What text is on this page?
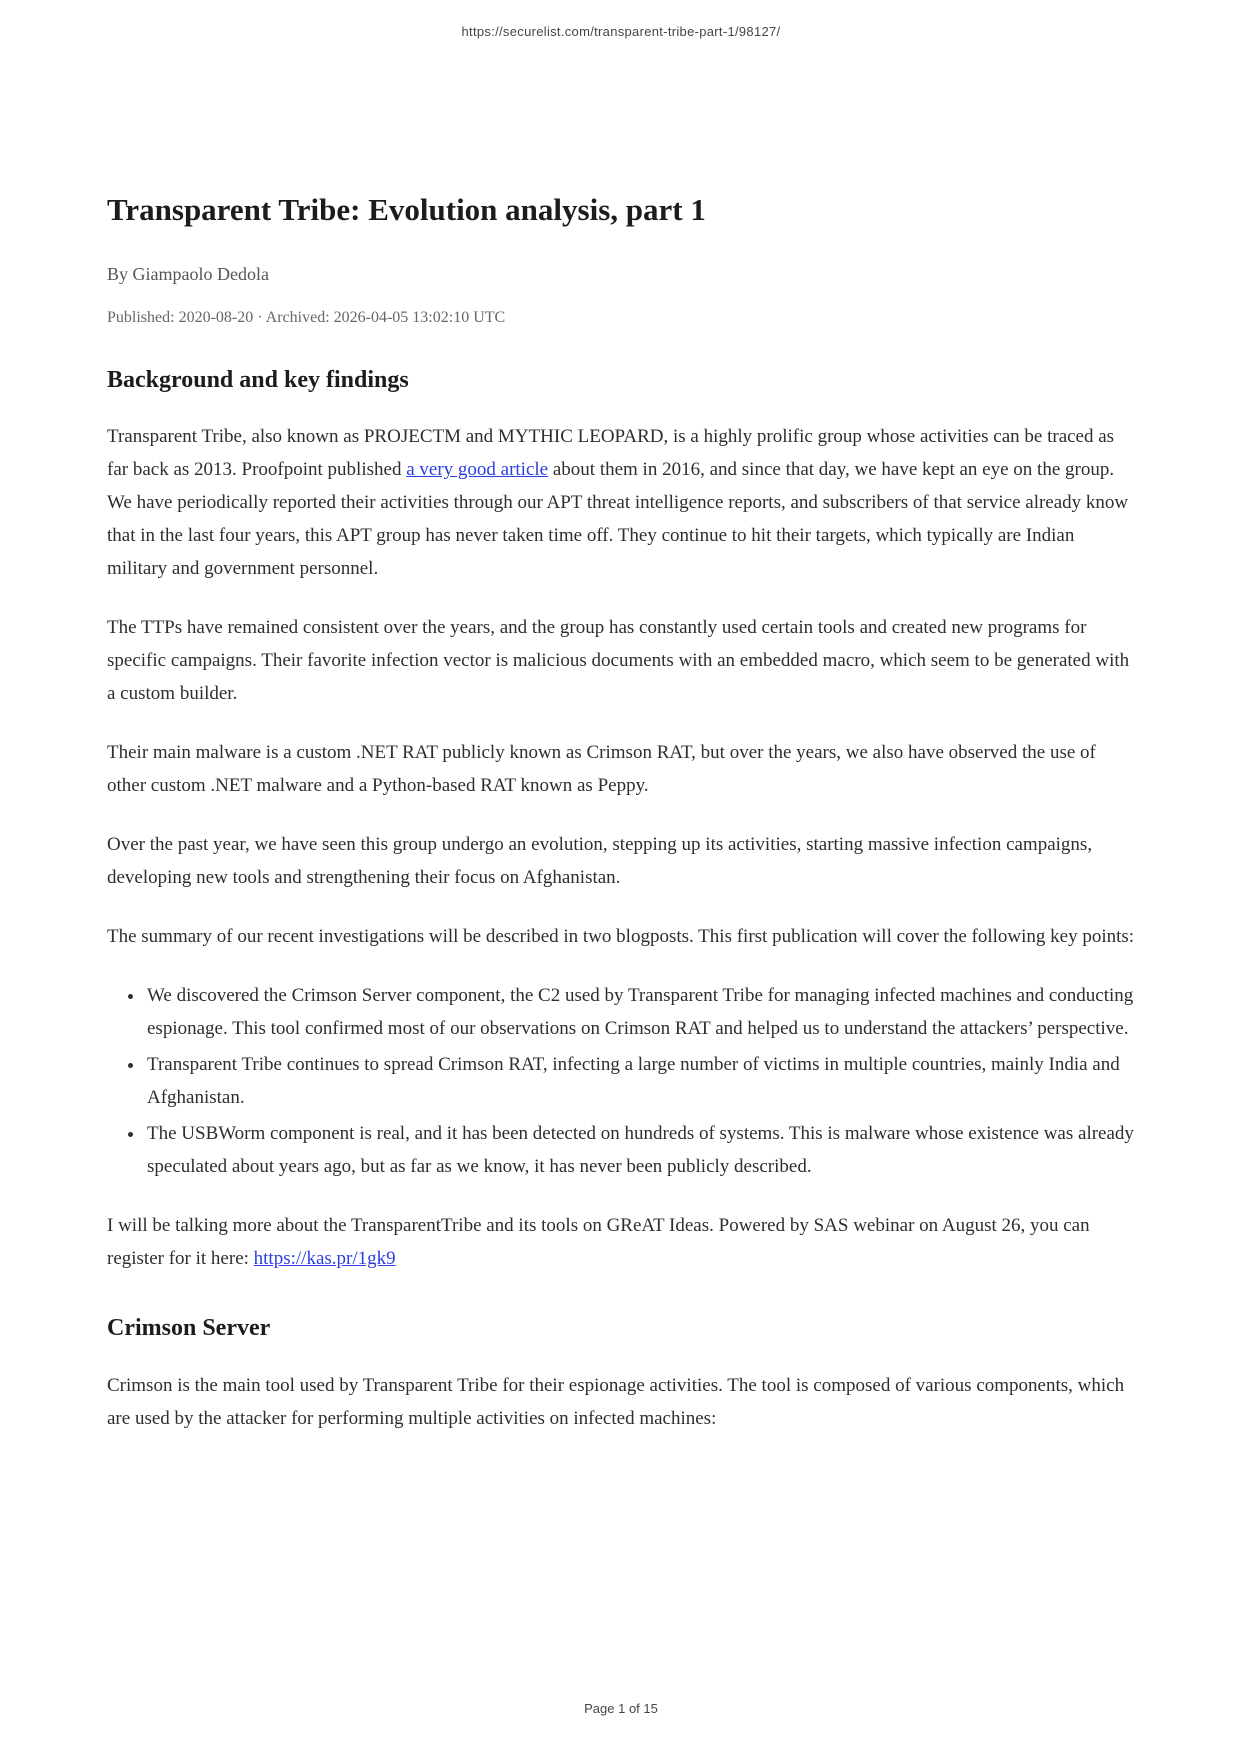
https://securelist.com/transparent-tribe-part-1/98127/
Transparent Tribe: Evolution analysis, part 1
By Giampaolo Dedola
Published: 2020-08-20 · Archived: 2026-04-05 13:02:10 UTC
Background and key findings

Transparent Tribe, also known as PROJECTM and MYTHIC LEOPARD, is a highly prolific group whose activities can be traced as far back as 2013. Proofpoint published a very good article about them in 2016, and since that day, we have kept an eye on the group. We have periodically reported their activities through our APT threat intelligence reports, and subscribers of that service already know that in the last four years, this APT group has never taken time off. They continue to hit their targets, which typically are Indian military and government personnel.

The TTPs have remained consistent over the years, and the group has constantly used certain tools and created new programs for specific campaigns. Their favorite infection vector is malicious documents with an embedded macro, which seem to be generated with a custom builder.

Their main malware is a custom .NET RAT publicly known as Crimson RAT, but over the years, we also have observed the use of other custom .NET malware and a Python-based RAT known as Peppy.

Over the past year, we have seen this group undergo an evolution, stepping up its activities, starting massive infection campaigns, developing new tools and strengthening their focus on Afghanistan.

The summary of our recent investigations will be described in two blogposts. This first publication will cover the following key points:

• We discovered the Crimson Server component, the C2 used by Transparent Tribe for managing infected machines and conducting espionage. This tool confirmed most of our observations on Crimson RAT and helped us to understand the attackers’ perspective.
• Transparent Tribe continues to spread Crimson RAT, infecting a large number of victims in multiple countries, mainly India and Afghanistan.
• The USBWorm component is real, and it has been detected on hundreds of systems. This is malware whose existence was already speculated about years ago, but as far as we know, it has never been publicly described.

I will be talking more about the TransparentTribe and its tools on GReAT Ideas. Powered by SAS webinar on August 26, you can register for it here: https://kas.pr/1gk9

Crimson Server

Crimson is the main tool used by Transparent Tribe for their espionage activities. The tool is composed of various components, which are used by the attacker for performing multiple activities on infected machines:

Page 1 of 15
